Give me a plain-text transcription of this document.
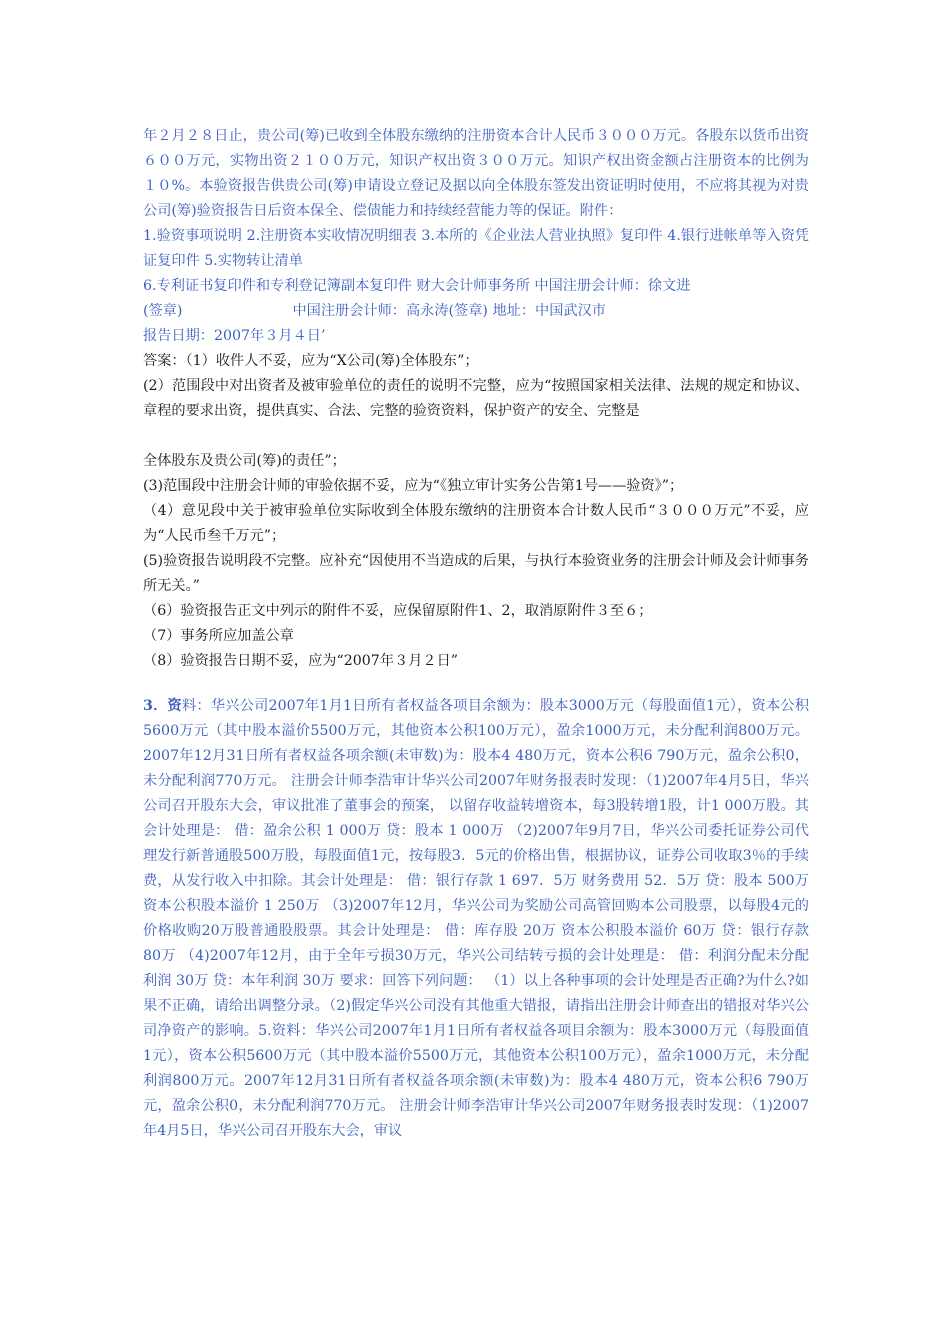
年２月２８日止，贵公司(筹)已收到全体股东缴纳的注册资本合计人民币３０００万元。各股东以货币出资６００万元，实物出资２１００万元，知识产权出资３００万元。知识产权出资金额占注册资本的比例为１０%。本验资报告供贵公司(筹)申请设立登记及据以向全体股东签发出资证明时使用，不应将其视为对贵公司(筹)验资报告日后资本保全、偿债能力和持续经营能力等的保证。附件：

1.验资事项说明 2.注册资本实收情况明细表 3.本所的《企业法人营业执照》复印件 4.银行进帐单等入资凭证复印件 5.实物转让清单

6.专利证书复印件和专利登记簿副本复印件 财大会计师事务所 中国注册会计师：徐文进

(签章)	中国注册会计师：高永涛(签章) 地址：中国武汉市

报告日期：2007年３月４日’

答案：（1）收件人不妥，应为“X公司(筹)全体股东”；

(2）范围段中对出资者及被审验单位的责任的说明不完整，应为“按照国家相关法律、法规的规定和协议、章程的要求出资，提供真实、合法、完整的验资资料，保护资产的安全、完整是

全体股东及贵公司(筹)的责任”；

(3)范围段中注册会计师的审验依据不妥，应为“《独立审计实务公告第1号——验资》”；

（4）意见段中关于被审验单位实际收到全体股东缴纳的注册资本合计数人民币“３０００万元”不妥，应为“人民币叁千万元”；

(5)验资报告说明段不完整。应补充“因使用不当造成的后果，与执行本验资业务的注册会计师及会计师事务所无关。”

（6）验资报告正文中列示的附件不妥，应保留原附件1、2，取消原附件３至６；

（7）事务所应加盖公章

（8）验资报告日期不妥，应为“2007年３月２日”

3．资料：华兴公司2007年1月1日所有者权益各项目余额为：股本3000万元（每股面值1元），资本公积5600万元（其中股本溢价5500万元，其他资本公积100万元），盈余1000万元，未分配利润800万元。2007年12月31日所有者权益各项余额(未审数)为：股本4 480万元，资本公积6 790万元，盈余公积0，未分配利润770万元。 注册会计师李浩审计华兴公司2007年财务报表时发现：（1)2007年4月5日，华兴公司召开股东大会，审议批准了董事会的预案， 以留存收益转增资本，每3股转增1股，计1 000万股。其会计处理是： 借：盈余公积 1 000万 贷：股本 1 000万 （2)2007年9月7日，华兴公司委托证券公司代理发行新普通股500万股，每股面值1元，按每股3．5元的价格出售，根据协议，证券公司收取3％的手续费，从发行收入中扣除。其会计处理是： 借：银行存款 1 697．5万 财务费用 52．5万 贷：股本 500万 资本公积股本溢价 1 250万 （3)2007年12月，华兴公司为奖励公司高管回购本公司股票，以每股4元的价格收购20万股普通股股票。其会计处理是： 借：库存股 20万 资本公积股本溢价 60万 贷：银行存款 80万 （4)2007年12月，由于全年亏损30万元，华兴公司结转亏损的会计处理是： 借：利润分配未分配利润 30万 贷：本年利润 30万 要求：回答下列问题： （1）以上各种事项的会计处理是否正确?为什么?如果不正确，请给出调整分录。（2)假定华兴公司没有其他重大错报，请指出注册会计师查出的错报对华兴公司净资产的影响。5.资料：华兴公司2007年1月1日所有者权益各项目余额为：股本3000万元（每股面值1元），资本公积5600万元（其中股本溢价5500万元，其他资本公积100万元），盈余1000万元，未分配利润800万元。2007年12月31日所有者权益各项余额(未审数)为：股本4 480万元，资本公积6 790万元，盈余公积0，未分配利润770万元。 注册会计师李浩审计华兴公司2007年财务报表时发现：（1)2007年4月5日，华兴公司召开股东大会，审议
